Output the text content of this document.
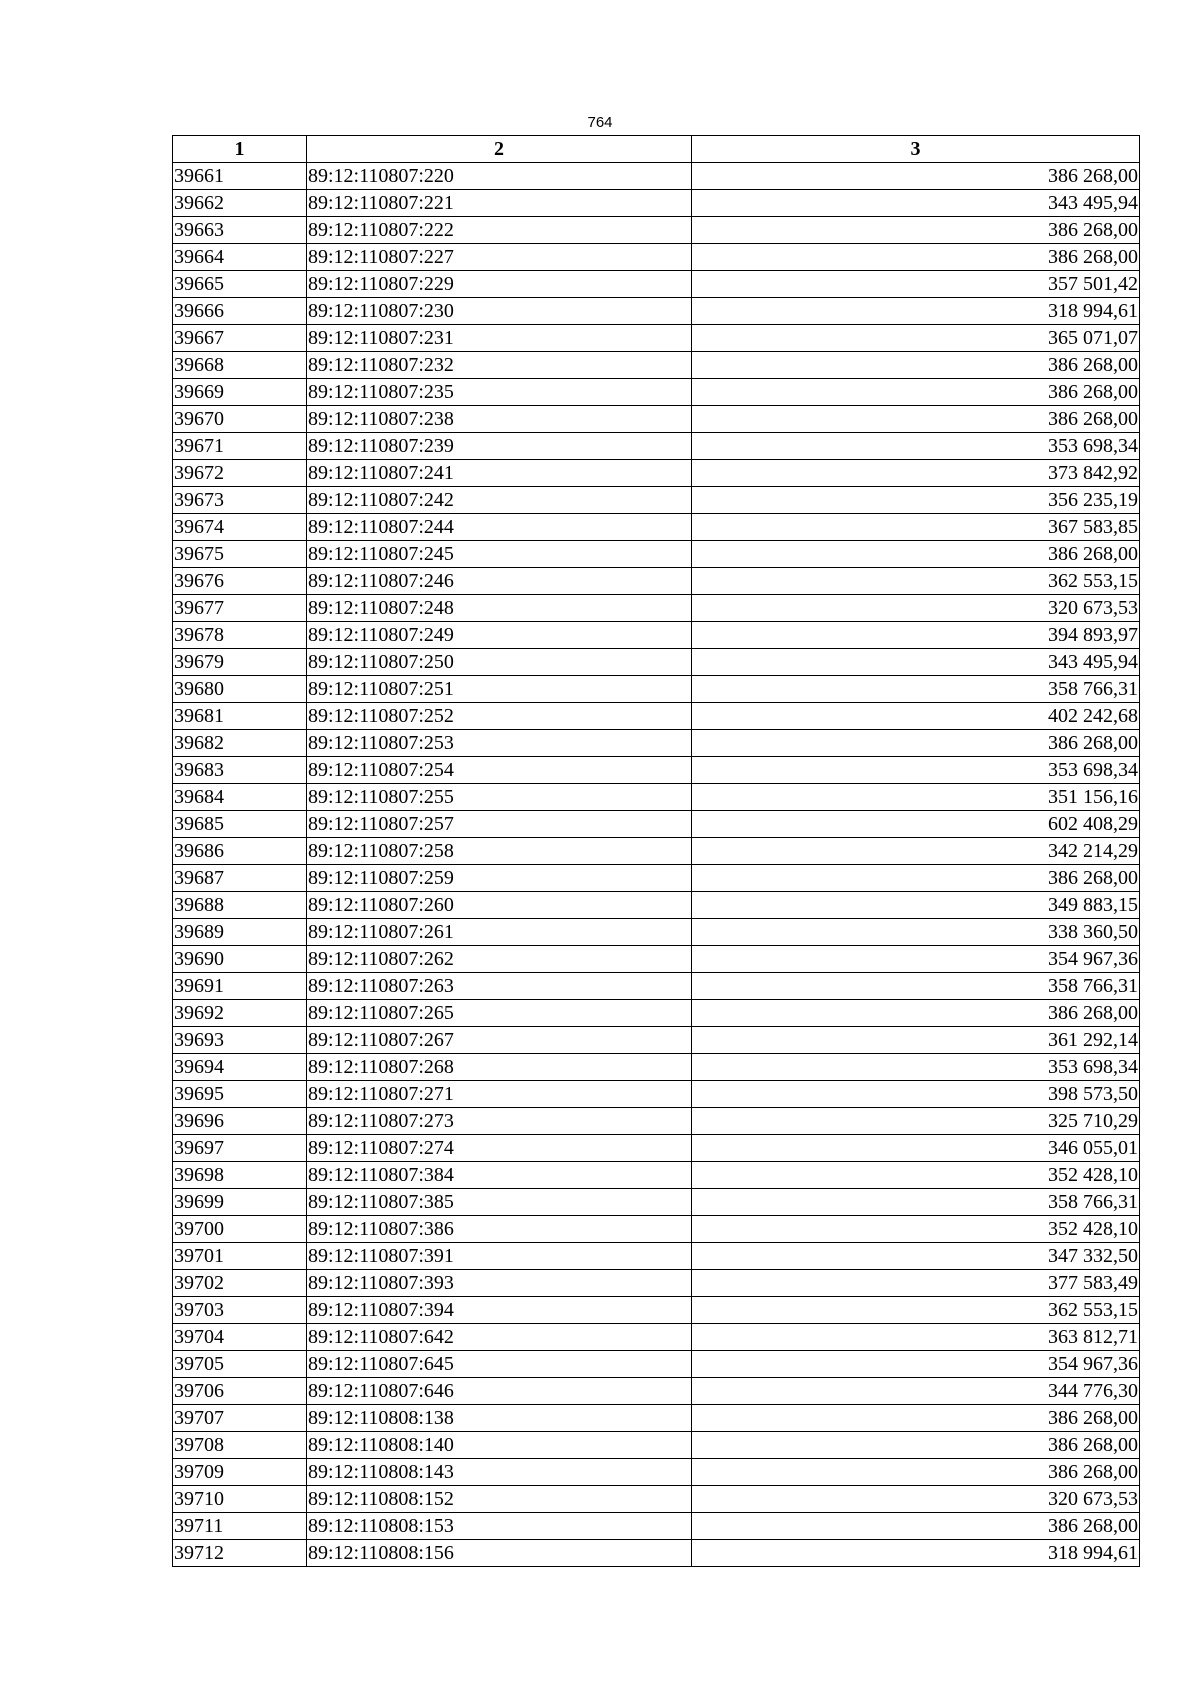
764
1	2	3
39661	89:12:110807:220	386 268,00
39662	89:12:110807:221	343 495,94
39663	89:12:110807:222	386 268,00
39664	89:12:110807:227	386 268,00
39665	89:12:110807:229	357 501,42
39666	89:12:110807:230	318 994,61
39667	89:12:110807:231	365 071,07
39668	89:12:110807:232	386 268,00
39669	89:12:110807:235	386 268,00
39670	89:12:110807:238	386 268,00
39671	89:12:110807:239	353 698,34
39672	89:12:110807:241	373 842,92
39673	89:12:110807:242	356 235,19
39674	89:12:110807:244	367 583,85
39675	89:12:110807:245	386 268,00
39676	89:12:110807:246	362 553,15
39677	89:12:110807:248	320 673,53
39678	89:12:110807:249	394 893,97
39679	89:12:110807:250	343 495,94
39680	89:12:110807:251	358 766,31
39681	89:12:110807:252	402 242,68
39682	89:12:110807:253	386 268,00
39683	89:12:110807:254	353 698,34
39684	89:12:110807:255	351 156,16
39685	89:12:110807:257	602 408,29
39686	89:12:110807:258	342 214,29
39687	89:12:110807:259	386 268,00
39688	89:12:110807:260	349 883,15
39689	89:12:110807:261	338 360,50
39690	89:12:110807:262	354 967,36
39691	89:12:110807:263	358 766,31
39692	89:12:110807:265	386 268,00
39693	89:12:110807:267	361 292,14
39694	89:12:110807:268	353 698,34
39695	89:12:110807:271	398 573,50
39696	89:12:110807:273	325 710,29
39697	89:12:110807:274	346 055,01
39698	89:12:110807:384	352 428,10
39699	89:12:110807:385	358 766,31
39700	89:12:110807:386	352 428,10
39701	89:12:110807:391	347 332,50
39702	89:12:110807:393	377 583,49
39703	89:12:110807:394	362 553,15
39704	89:12:110807:642	363 812,71
39705	89:12:110807:645	354 967,36
39706	89:12:110807:646	344 776,30
39707	89:12:110808:138	386 268,00
39708	89:12:110808:140	386 268,00
39709	89:12:110808:143	386 268,00
39710	89:12:110808:152	320 673,53
39711	89:12:110808:153	386 268,00
39712	89:12:110808:156	318 994,61
